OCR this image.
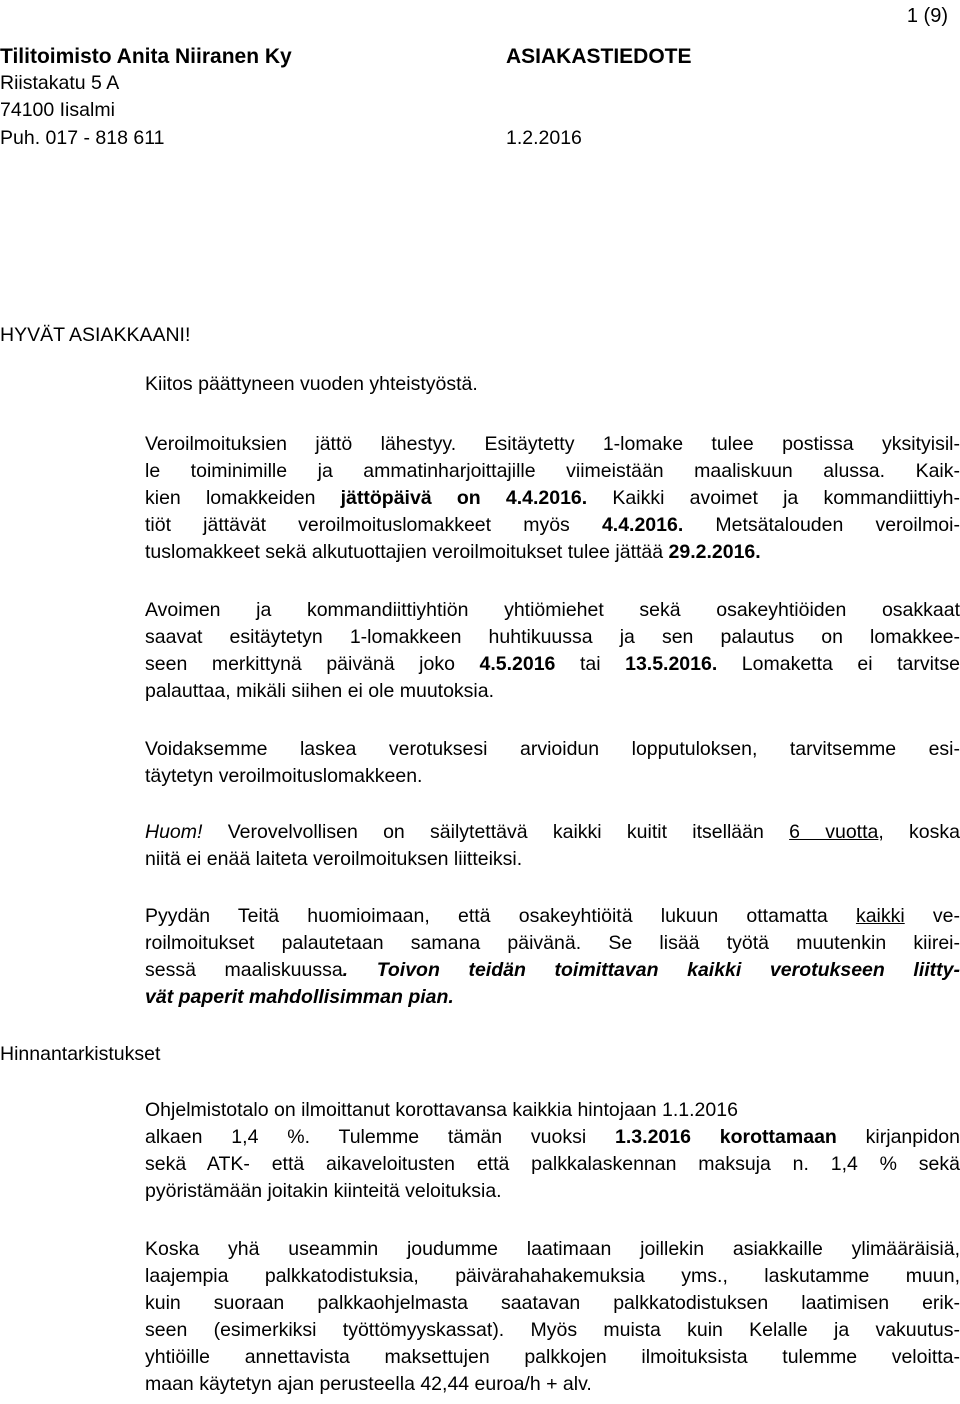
1 (9)
Tilitoimisto Anita Niiranen Ky
Riistakatu 5 A
74100 Iisalmi
Puh. 017 - 818 611
ASIAKASTIEDOTE
1.2.2016
HYVÄT ASIAKKAANI!
Hinnantarkistukset
Kiitos päättyneen vuoden yhteistyöstä.
Veroilmoituksien jättö lähestyy. Esitäytetty 1-lomake tulee postissa yksityisil-
le toiminimille ja ammatinharjoittajille viimeistään maaliskuun alussa. Kaik-
kien lomakkeiden jättöpäivä on 4.4.2016. Kaikki avoimet ja kommandiittiyh-
tiöt jättävät veroilmoituslomakkeet myös 4.4.2016. Metsätalouden veroilmoi-
tuslomakkeet sekä alkutuottajien veroilmoitukset tulee jättää 29.2.2016.
Avoimen ja kommandiittiyhtiön yhtiömiehet sekä osakeyhtiöiden osakkaat
saavat esitäytetyn 1-lomakkeen huhtikuussa ja sen palautus on lomakkee-
seen merkittynä päivänä joko 4.5.2016 tai 13.5.2016. Lomaketta ei tarvitse
palauttaa, mikäli siihen ei ole muutoksia.
Voidaksemme laskea verotuksesi arvioidun lopputuloksen, tarvitsemme esi-
täytetyn veroilmoituslomakkeen.
Huom! Verovelvollisen on säilytettävä kaikki kuitit itsellään 6 vuotta, koska
niitä ei enää laiteta veroilmoituksen liitteiksi.
Pyydän Teitä huomioimaan, että osakeyhtiöitä lukuun ottamatta kaikki ve-
roilmoitukset palautetaan samana päivänä. Se lisää työtä muutenkin kiirei-
sessä maaliskuussa. Toivon teidän toimittavan kaikki verotukseen liitty-
vät paperit mahdollisimman pian.
Ohjelmistotalo on ilmoittanut korottavansa kaikkia hintojaan 1.1.2016
alkaen 1,4 %. Tulemme tämän vuoksi 1.3.2016 korottamaan kirjanpidon
sekä ATK- että aikaveloitusten että palkkalaskennan maksuja n. 1,4 % sekä
pyöristämään joitakin kiinteitä veloituksia.
Koska yhä useammin joudumme laatimaan joillekin asiakkaille ylimääräisiä,
laajempia palkkatodistuksia, päivärahahakemuksia yms., laskutamme muun,
kuin suoraan palkkaohjelmasta saatavan palkkatodistuksen laatimisen erik-
seen (esimerkiksi työttömyyskassat). Myös muista kuin Kelalle ja vakuutus-
yhtiöille annettavista maksettujen palkkojen ilmoituksista tulemme veloitta-
maan käytetyn ajan perusteella 42,44 euroa/h + alv.
